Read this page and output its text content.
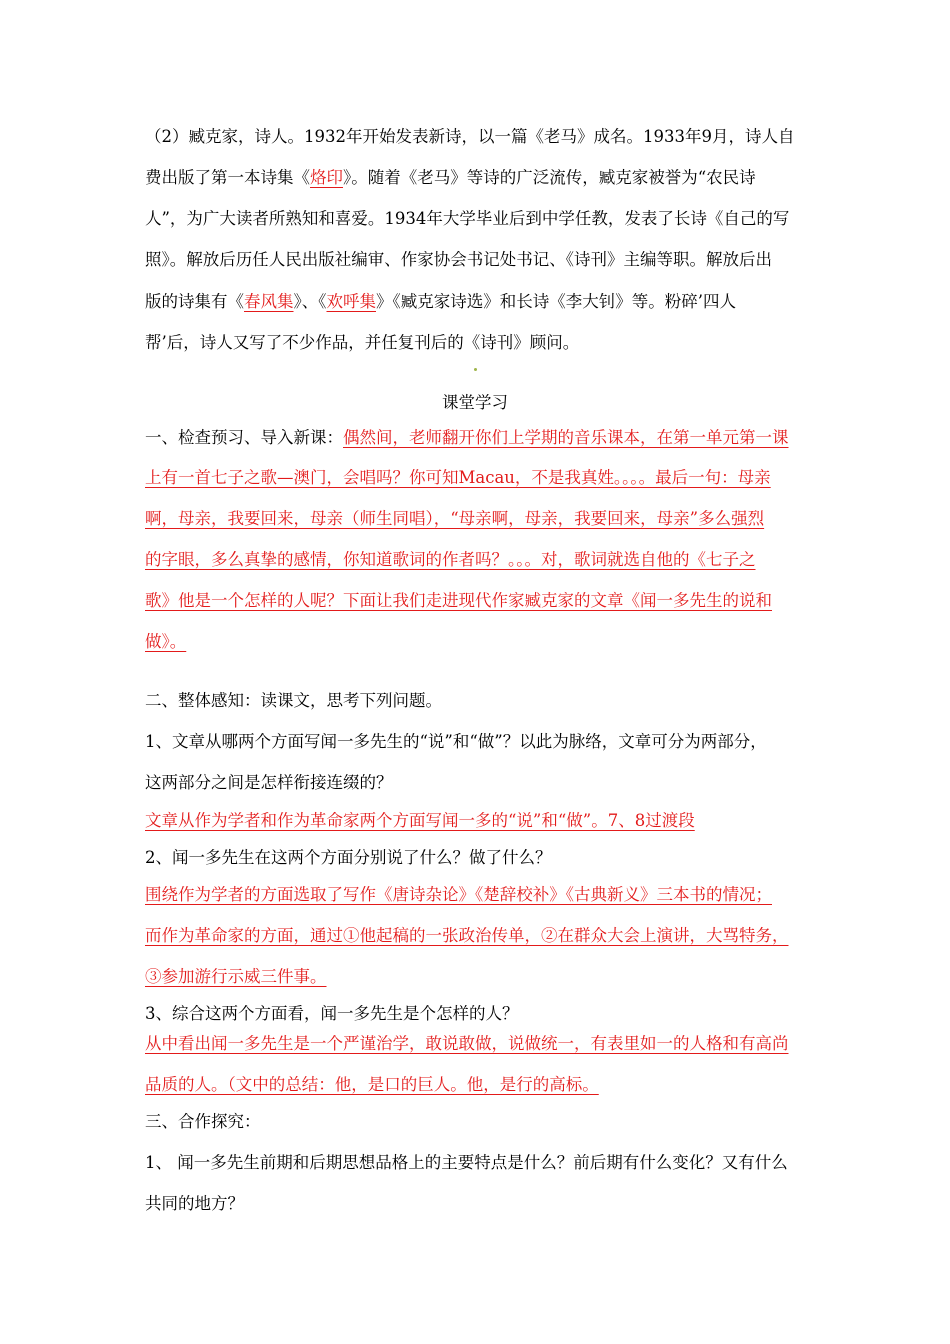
（2）臧克家，诗人。1932年开始发表新诗，以一篇《老马》成名。1933年9月，诗人自
费出版了第一本诗集《烙印》。随着《老马》等诗的广泛流传，臧克家被誉为“农民诗
人”，为广大读者所熟知和喜爱。1934年大学毕业后到中学任教，发表了长诗《自己的写
照》。解放后历任人民出版社编审、作家协会书记处书记、《诗刊》主编等职。解放后出
版的诗集有《春风集》、《欢呼集》《臧克家诗选》和长诗《李大钊》等。粉碎’四人
帮’后，诗人又写了不少作品，并任复刊后的《诗刊》顾问。
课堂学习
一、检查预习、导入新课：偶然间，老师翻开你们上学期的音乐课本，在第一单元第一课
上有一首七子之歌—澳门，会唱吗？你可知Macau，不是我真姓。。。。最后一句：母亲
啊，母亲，我要回来，母亲（师生同唱），“母亲啊，母亲，我要回来，母亲”多么强烈
的字眼，多么真挚的感情，你知道歌词的作者吗？。。。对，歌词就选自他的《七子之
歌》他是一个怎样的人呢？下面让我们走进现代作家臧克家的文章《闻一多先生的说和
做》。
二、整体感知：读课文，思考下列问题。
1、文章从哪两个方面写闻一多先生的“说”和“做”？以此为脉络，文章可分为两部分，
这两部分之间是怎样衔接连缀的？
文章从作为学者和作为革命家两个方面写闻一多的“说”和“做”。7、8过渡段
2、闻一多先生在这两个方面分别说了什么？做了什么？
围绕作为学者的方面选取了写作《唐诗杂论》《楚辞校补》《古典新义》三本书的情况；
而作为革命家的方面，通过①他起稿的一张政治传单，②在群众大会上演讲，大骂特务，
③参加游行示威三件事。
3、综合这两个方面看，闻一多先生是个怎样的人？
从中看出闻一多先生是一个严谨治学，敢说敢做，说做统一，有表里如一的人格和有高尚
品质的人。（文中的总结：他，是口的巨人。他，是行的高标。
三、合作探究：
1、 闻一多先生前期和后期思想品格上的主要特点是什么？前后期有什么变化？又有什么
共同的地方？
